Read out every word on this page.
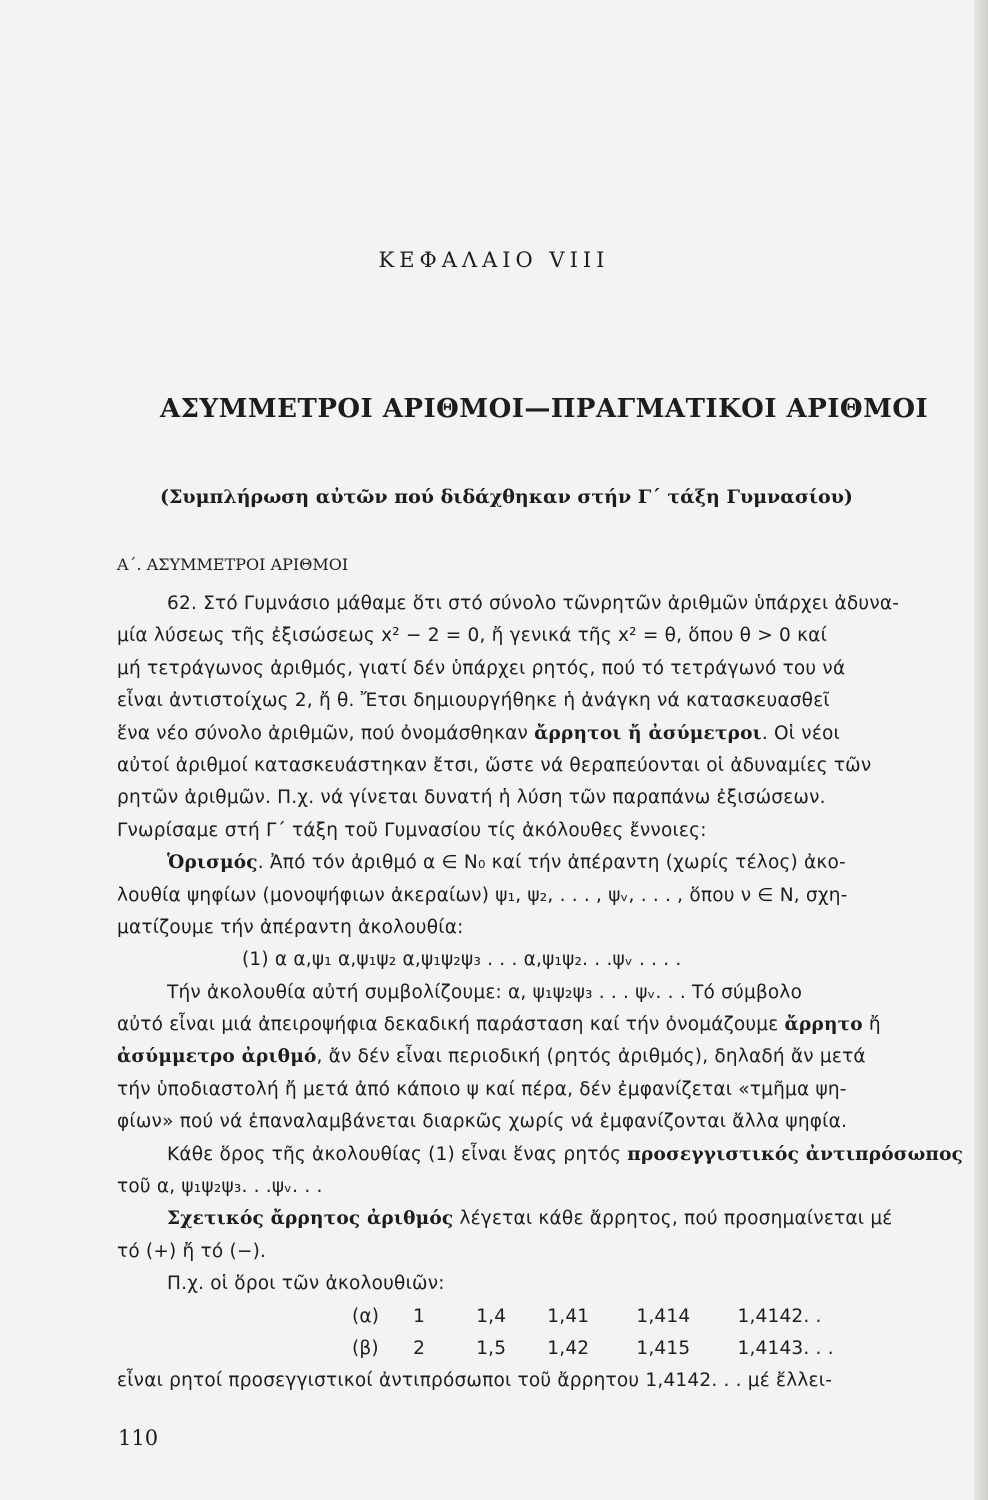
ΚΕΦΑΛΑΙΟ VIII
ΑΣΥΜΜΕΤΡΟΙ ΑΡΙΘΜΟΙ—ΠΡΑΓΜΑΤΙΚΟΙ ΑΡΙΘΜΟΙ
(Συμπλήρωση αὐτῶν πού διδάχθηκαν στήν Γ΄ τάξη Γυμνασίου)
Α΄. ΑΣΥΜΜΕΤΡΟΙ ΑΡΙΘΜΟΙ
62. Στό Γυμνάσιο μάθαμε ὅτι στό σύνολο τῶνρητῶν ἀριθμῶν ὑπάρχει ἀδυνα-
μία λύσεως τῆς ἐξισώσεως x² − 2 = 0, ἤ γενικά τῆς x² = θ, ὅπου θ > 0 καί
μή τετράγωνος ἀριθμός, γιατί δέν ὑπάρχει ρητός, πού τό τετράγωνό του νά
εἶναι ἀντιστοίχως 2, ἤ θ. Ἔτσι δημιουργήθηκε ἡ ἀνάγκη νά κατασκευασθεῖ
ἕνα νέο σύνολο ἀριθμῶν, πού ὀνομάσθηκαν ἄρρητοι ἤ ἀσύμετροι. Οἱ νέοι
αὐτοί ἀριθμοί κατασκευάστηκαν ἔτσι, ὥστε νά θεραπεύονται οἱ ἀδυναμίες τῶν
ρητῶν ἀριθμῶν. Π.χ. νά γίνεται δυνατή ἡ λύση τῶν παραπάνω ἐξισώσεων.
Γνωρίσαμε στή Γ΄ τάξη τοῦ Γυμνασίου τίς ἀκόλουθες ἔννοιες:
Ὁρισμός. Ἀπό τόν ἀριθμό α ∈ N₀ καί τήν ἀπέραντη (χωρίς τέλος) ἀκο-
λουθία ψηφίων (μονοψήφιων ἀκεραίων) ψ₁, ψ₂, . . . , ψᵥ, . . . , ὅπου ν ∈ N, σχη-
ματίζουμε τήν ἀπέραντη ἀκολουθία:
(1) α α,ψ₁ α,ψ₁ψ₂ α,ψ₁ψ₂ψ₃ . . . α,ψ₁ψ₂. . .ψᵥ . . . .
Τήν ἀκολουθία αὐτή συμβολίζουμε: α, ψ₁ψ₂ψ₃ . . . ψᵥ. . . Τό σύμβολο
αὐτό εἶναι μιά ἀπειροψήφια δεκαδική παράσταση καί τήν ὀνομάζουμε ἄρρητο ἤ
ἀσύμμετρο ἀριθμό, ἄν δέν εἶναι περιοδική (ρητός ἀριθμός), δηλαδή ἄν μετά
τήν ὑποδιαστολή ἤ μετά ἀπό κάποιο ψ καί πέρα, δέν ἐμφανίζεται «τμῆμα ψη-
φίων» πού νά ἐπαναλαμβάνεται διαρκῶς χωρίς νά ἐμφανίζονται ἄλλα ψηφία.
Κάθε ὅρος τῆς ἀκολουθίας (1) εἶναι ἕνας ρητός προσεγγιστικός ἀντιπρόσωπος
τοῦ α, ψ₁ψ₂ψ₃. . .ψᵥ. . .
Σχετικός ἄρρητος ἀριθμός λέγεται κάθε ἄρρητος, πού προσημαίνεται μέ
τό (+) ἤ τό (−).
Π.χ. οἱ ὅροι τῶν ἀκολουθιῶν:
(α) 1	1,4 1,41	1,414	1,4142. .
(β) 2	1,5 1,42	1,415	1,4143. . .
εἶναι ρητοί προσεγγιστικοί ἀντιπρόσωποι τοῦ ἄρρητου 1,4142. . . μέ ἔλλει-
110
